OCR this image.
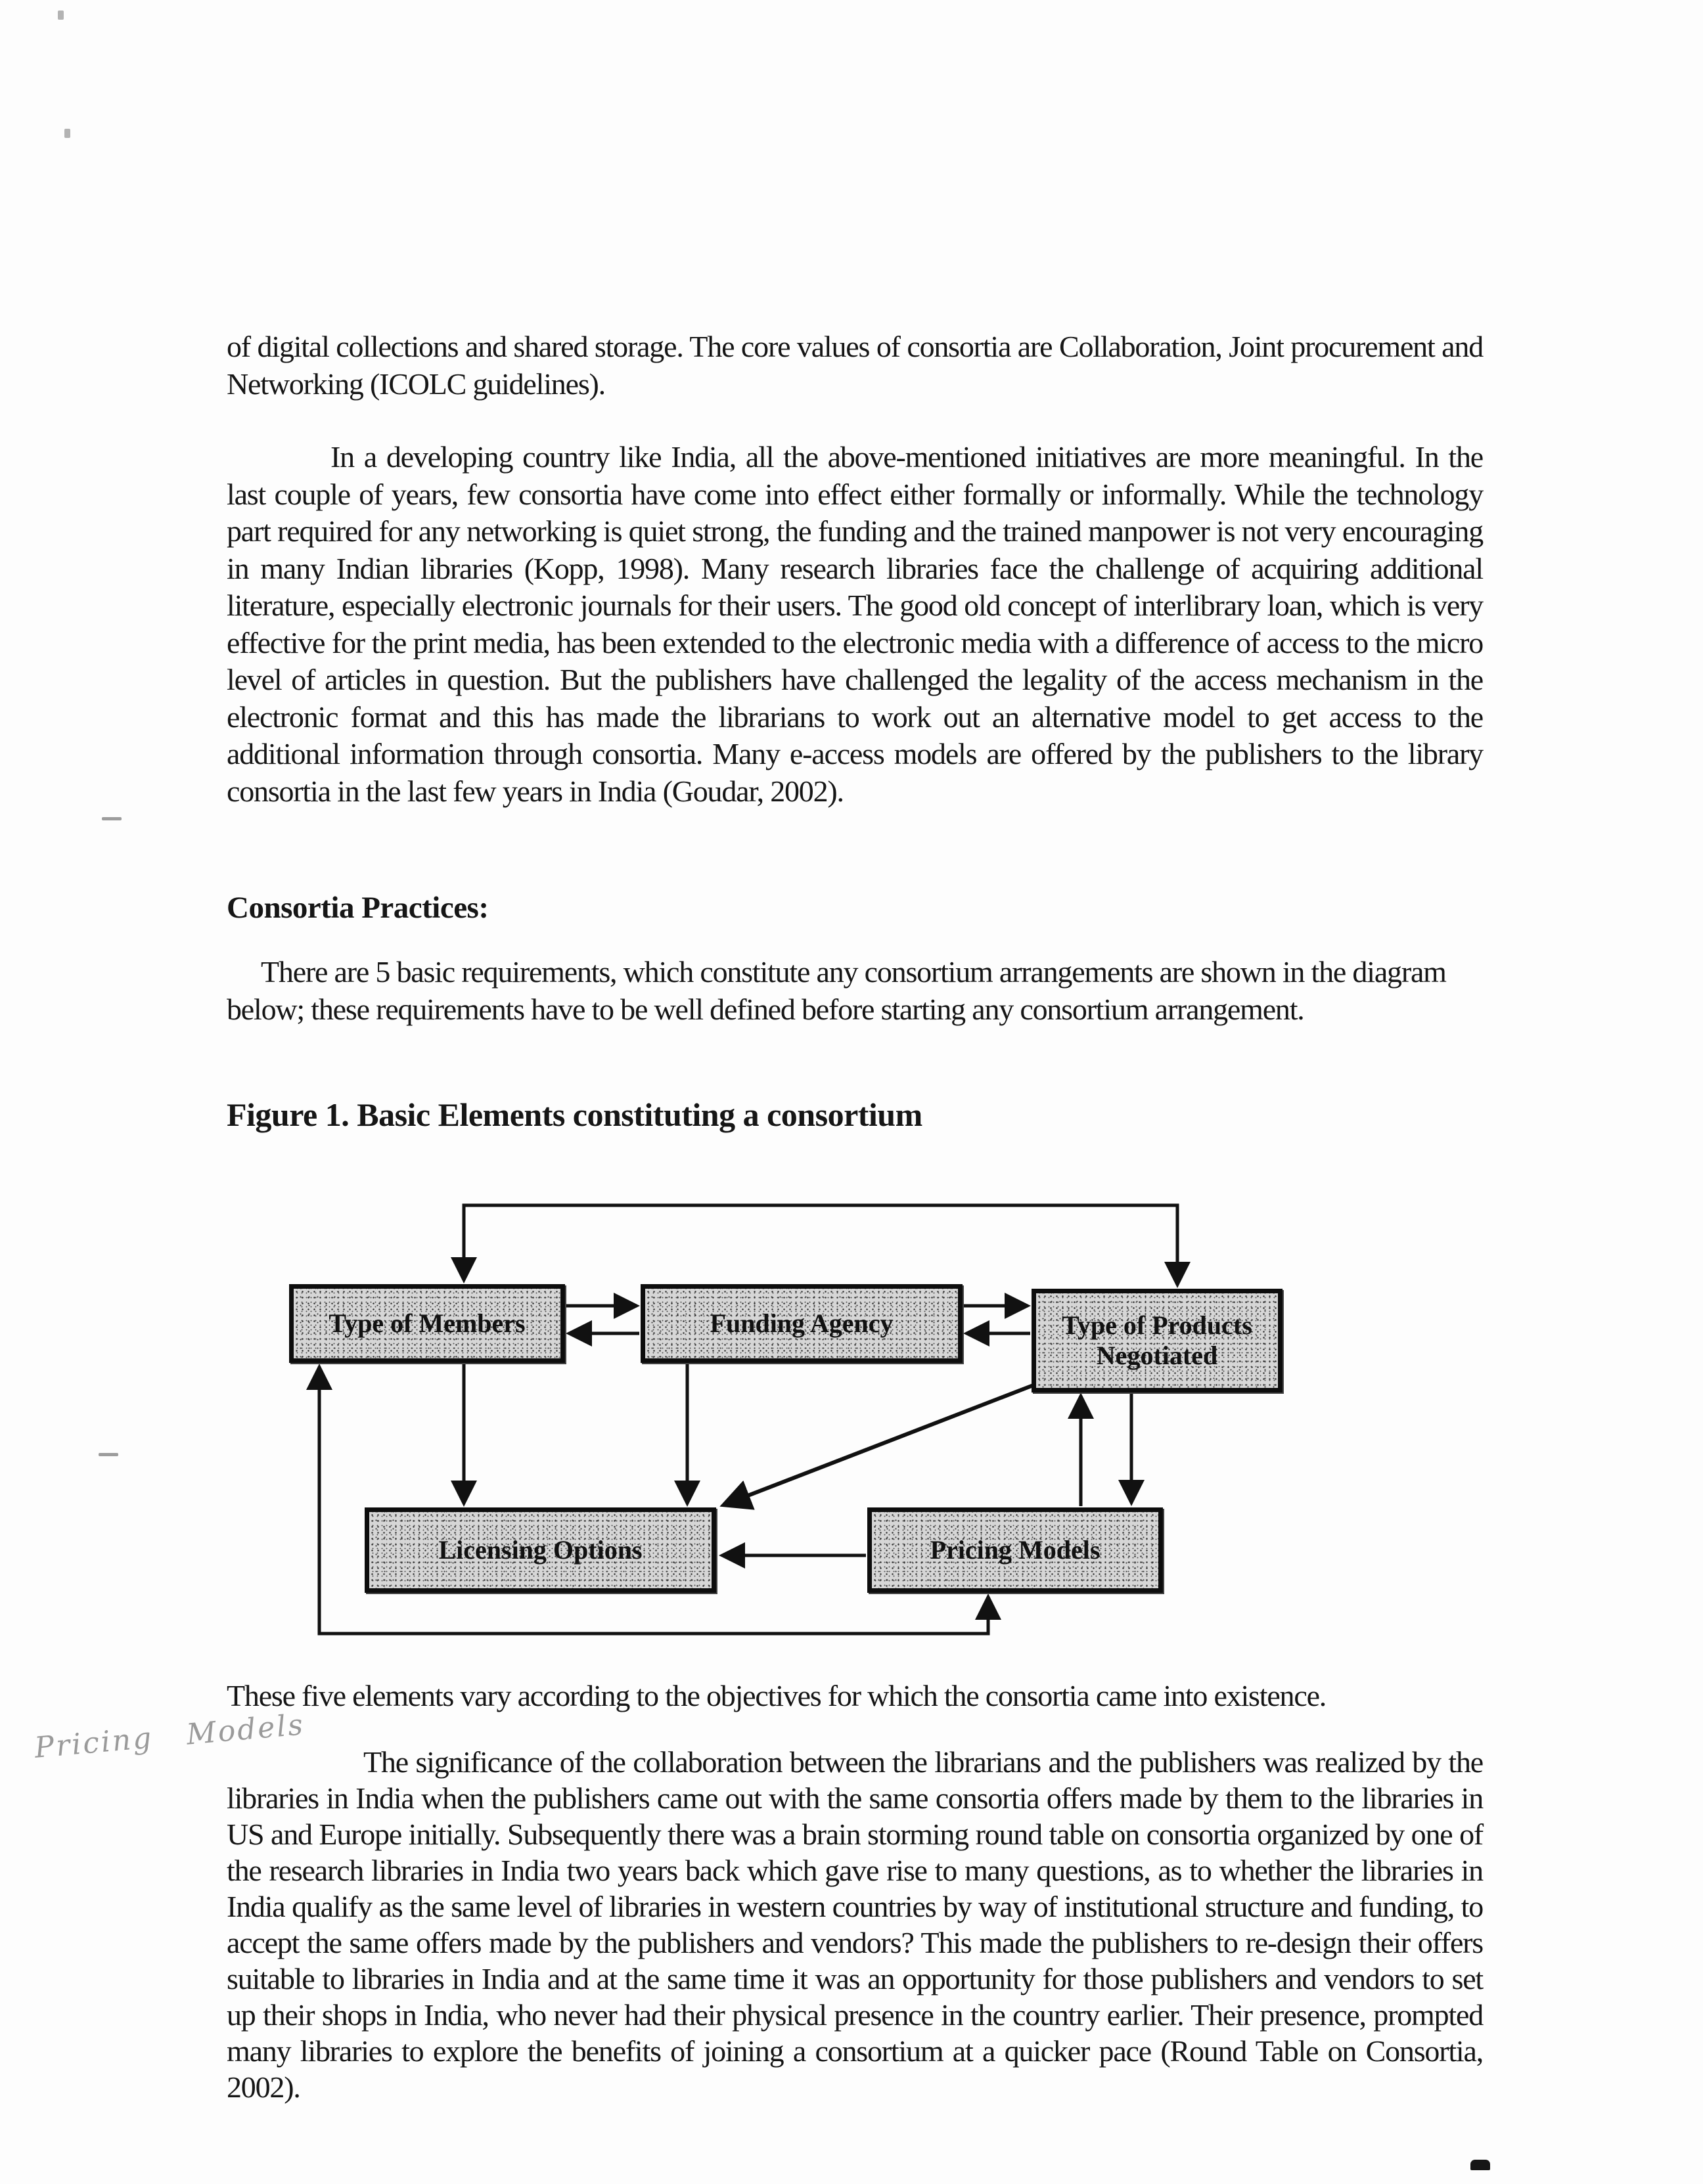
of digital collections and shared storage. The core values of consortia are Collaboration, Joint procurement and Networking (ICOLC guidelines).
In a developing country like India, all the above-mentioned initiatives are more meaningful. In the last couple of years, few consortia have come into effect either formally or informally. While the technology part required for any networking is quiet strong, the funding and the trained manpower is not very encouraging in many Indian libraries (Kopp, 1998). Many research libraries face the challenge of acquiring additional literature, especially electronic journals for their users. The good old concept of interlibrary loan, which is very effective for the print media, has been extended to the electronic media with a difference of access to the micro level of articles in question. But the publishers have challenged the legality of the access mechanism in the electronic format and this has made the librarians to work out an alternative model to get access to the additional information through consortia. Many e-access models are offered by the publishers to the library consortia in the last few years in India (Goudar, 2002).
Consortia Practices:
There are 5 basic requirements, which constitute any consortium arrangements are shown in the diagram below; these requirements have to be well defined before starting any consortium arrangement.
Figure 1. Basic Elements constituting a consortium
Type of Members	Funding Agency	Type of Products Negotiated
Licensing Options	Pricing Models
These five elements vary according to the objectives for which the consortia came into existence.
The significance of the collaboration between the librarians and the publishers was realized by the libraries in India when the publishers came out with the same consortia offers made by them to the libraries in US and Europe initially. Subsequently there was a brain storming round table on consortia organized by one of the research libraries in India two years back which gave rise to many questions, as to whether the libraries in India qualify as the same level of libraries in western countries by way of institutional structure and funding, to accept the same offers made by the publishers and vendors? This made the publishers to re-design their offers suitable to libraries in India and at the same time it was an opportunity for those publishers and vendors to set up their shops in India, who never had their physical presence in the country earlier. Their presence, prompted many libraries to explore the benefits of joining a consortium at a quicker pace (Round Table on Consortia, 2002).
Pricing Models
